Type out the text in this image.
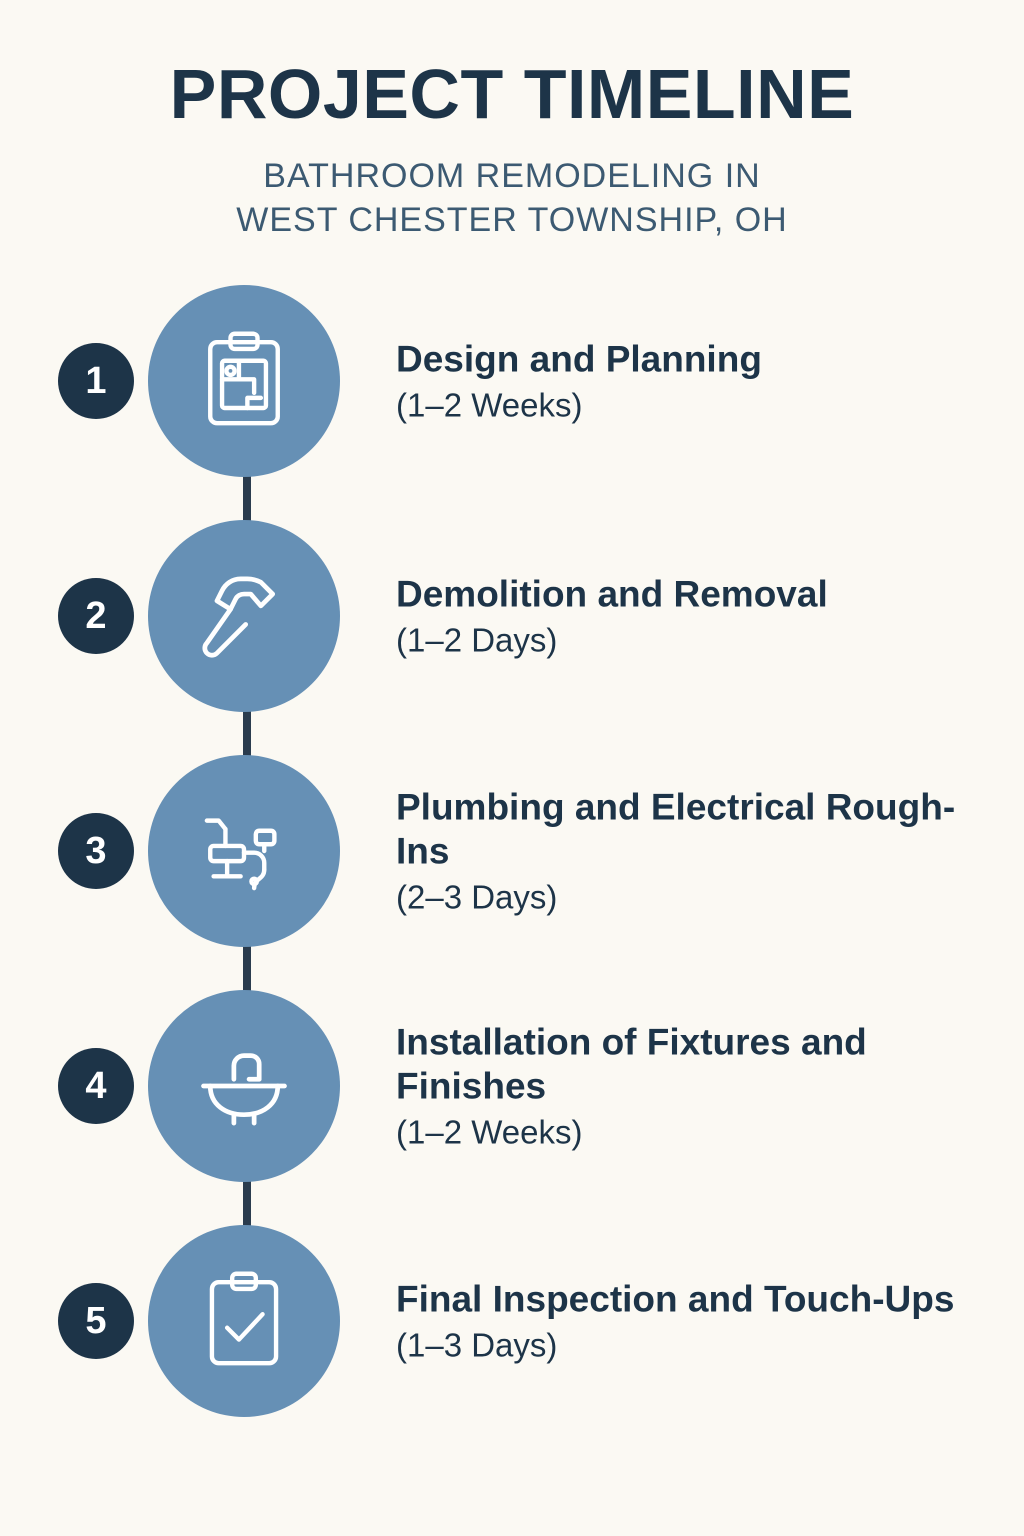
PROJECT TIMELINE
BATHROOM REMODELING IN
WEST CHESTER TOWNSHIP, OH
1
Design and Planning
(1–2 Weeks)
2
Demolition and Removal
(1–2 Days)
3
Plumbing and Electrical Rough-Ins
(2–3 Days)
4
Installation of Fixtures and Finishes
(1–2 Weeks)
5
Final Inspection and Touch-Ups
(1–3 Days)
